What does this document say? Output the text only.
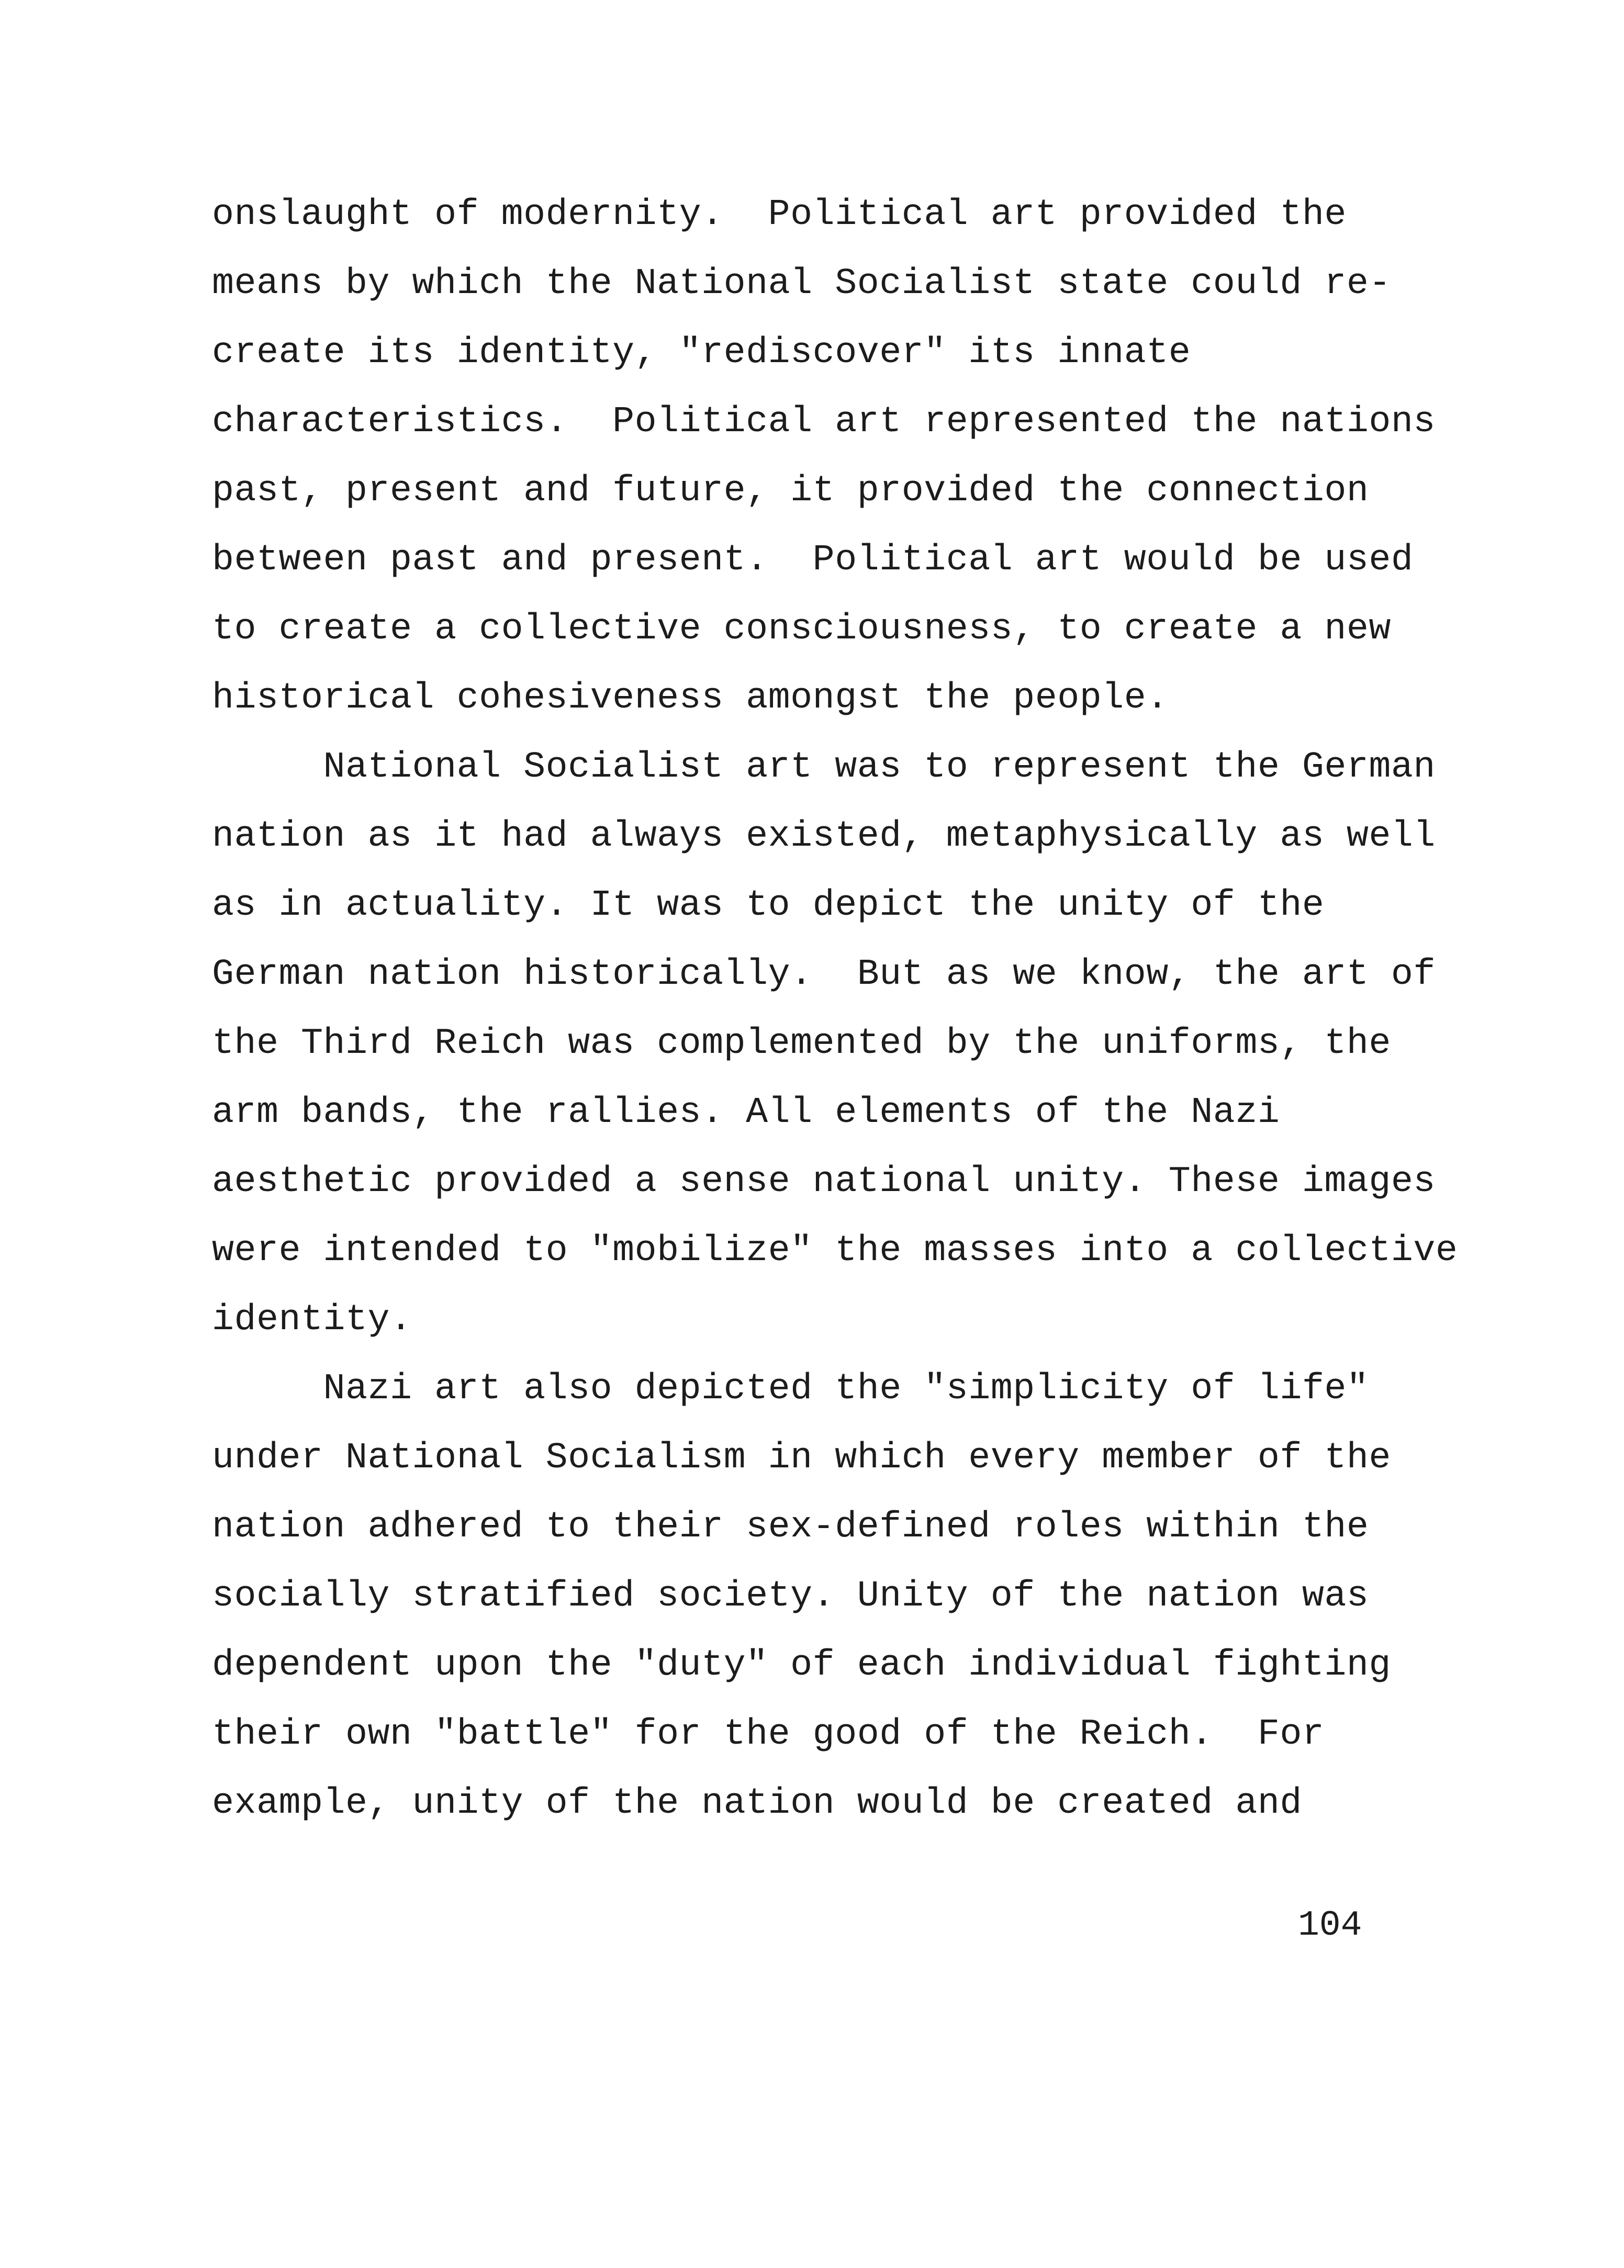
onslaught of modernity.  Political art provided the
means by which the National Socialist state could re-
create its identity, "rediscover" its innate
characteristics.  Political art represented the nations
past, present and future, it provided the connection
between past and present.  Political art would be used
to create a collective consciousness, to create a new
historical cohesiveness amongst the people.
National Socialist art was to represent the German
nation as it had always existed, metaphysically as well
as in actuality. It was to depict the unity of the
German nation historically.  But as we know, the art of
the Third Reich was complemented by the uniforms, the
arm bands, the rallies. All elements of the Nazi
aesthetic provided a sense national unity. These images
were intended to "mobilize" the masses into a collective
identity.
Nazi art also depicted the "simplicity of life"
under National Socialism in which every member of the
nation adhered to their sex-defined roles within the
socially stratified society. Unity of the nation was
dependent upon the "duty" of each individual fighting
their own "battle" for the good of the Reich.  For
example, unity of the nation would be created and
104
